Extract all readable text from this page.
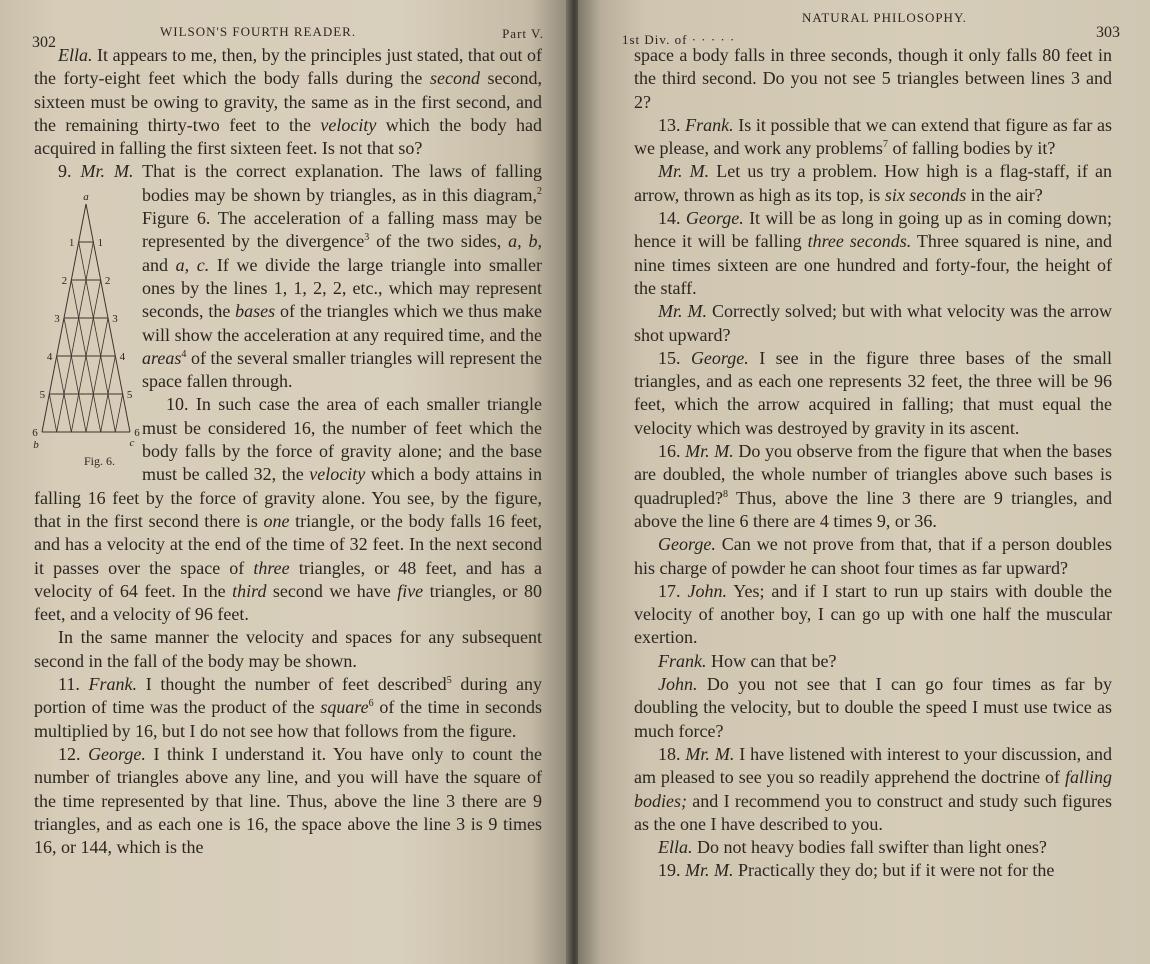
302
WILSON'S FOURTH READER.	Part V.

Ella. It appears to me, then, by the principles just stated, that out of the forty-eight feet which the body falls during the second second, sixteen must be owing to gravity, the same as in the first second, and the remaining thirty-two feet to the velocity which the body had acquired in falling the first sixteen feet. Is not that so?

9. Mr. M. That is the correct explanation. The laws of falling bodies may be shown by triangles, as in this diagram,$^2$
a
1 1
2	2
3	3
4	4
5	5
6	6
b	c
Fig. 6.
Figure 6. The acceleration of a falling mass may be represented by the divergence$^3$ of the two sides, a, b, and a, c. If we divide the large triangle into smaller ones by the lines 1, 1, 2, 2, etc., which may represent seconds, the bases of the triangles which we thus make will show the acceleration at any required time, and the areas$^4$ of the several smaller triangles will represent the space fallen through.

10. In such case the area of each smaller triangle must be considered 16, the number of feet which the body falls by the force of gravity alone; and the base must be called 32, the velocity which a body attains in falling 16 feet by the force of gravity alone. You see, by the figure, that in the first second there is one triangle, or the body falls 16 feet, and has a velocity at the end of the time of 32 feet. In the next second it passes over the space of three triangles, or 48 feet, and has a velocity of 64 feet. In the third second we have five triangles, or 80 feet, and a velocity of 96 feet.

In the same manner the velocity and spaces for any subsequent second in the fall of the body may be shown.

11. Frank. I thought the number of feet described$^5$ during any portion of time was the product of the square$^6$ of the time in seconds multiplied by 16, but I do not see how that follows from the figure.

12. George. I think I understand it. You have only to count the number of triangles above any line, and you will have the square of the time represented by that line. Thus, above the line 3 there are 9 triangles, and as each one is 16, the space above the line 3 is 9 times 16, or 144, which is the

1st Div. of · · · · ·
NATURAL PHILOSOPHY.
303

space a body falls in three seconds, though it only falls 80 feet in the third second. Do you not see 5 triangles between lines 3 and 2?

13. Frank. Is it possible that we can extend that figure as far as we please, and work any problems$^7$ of falling bodies by it?

Mr. M. Let us try a problem. How high is a flag-staff, if an arrow, thrown as high as its top, is six seconds in the air?

14. George. It will be as long in going up as in coming down; hence it will be falling three seconds. Three squared is nine, and nine times sixteen are one hundred and forty-four, the height of the staff.

Mr. M. Correctly solved; but with what velocity was the arrow shot upward?

15. George. I see in the figure three bases of the small triangles, and as each one represents 32 feet, the three will be 96 feet, which the arrow acquired in falling; that must equal the velocity which was destroyed by gravity in its ascent.

16. Mr. M. Do you observe from the figure that when the bases are doubled, the whole number of triangles above such bases is quadrupled?$^8$ Thus, above the line 3 there are 9 triangles, and above the line 6 there are 4 times 9, or 36.

George. Can we not prove from that, that if a person doubles his charge of powder he can shoot four times as far upward?

17. John. Yes; and if I start to run up stairs with double the velocity of another boy, I can go up with one half the muscular exertion.

Frank. How can that be?

John. Do you not see that I can go four times as far by doubling the velocity, but to double the speed I must use twice as much force?

18. Mr. M. I have listened with interest to your discussion, and am pleased to see you so readily apprehend the doctrine of falling bodies; and I recommend you to construct and study such figures as the one I have described to you.

Ella. Do not heavy bodies fall swifter than light ones?

19. Mr. M. Practically they do; but if it were not for the
